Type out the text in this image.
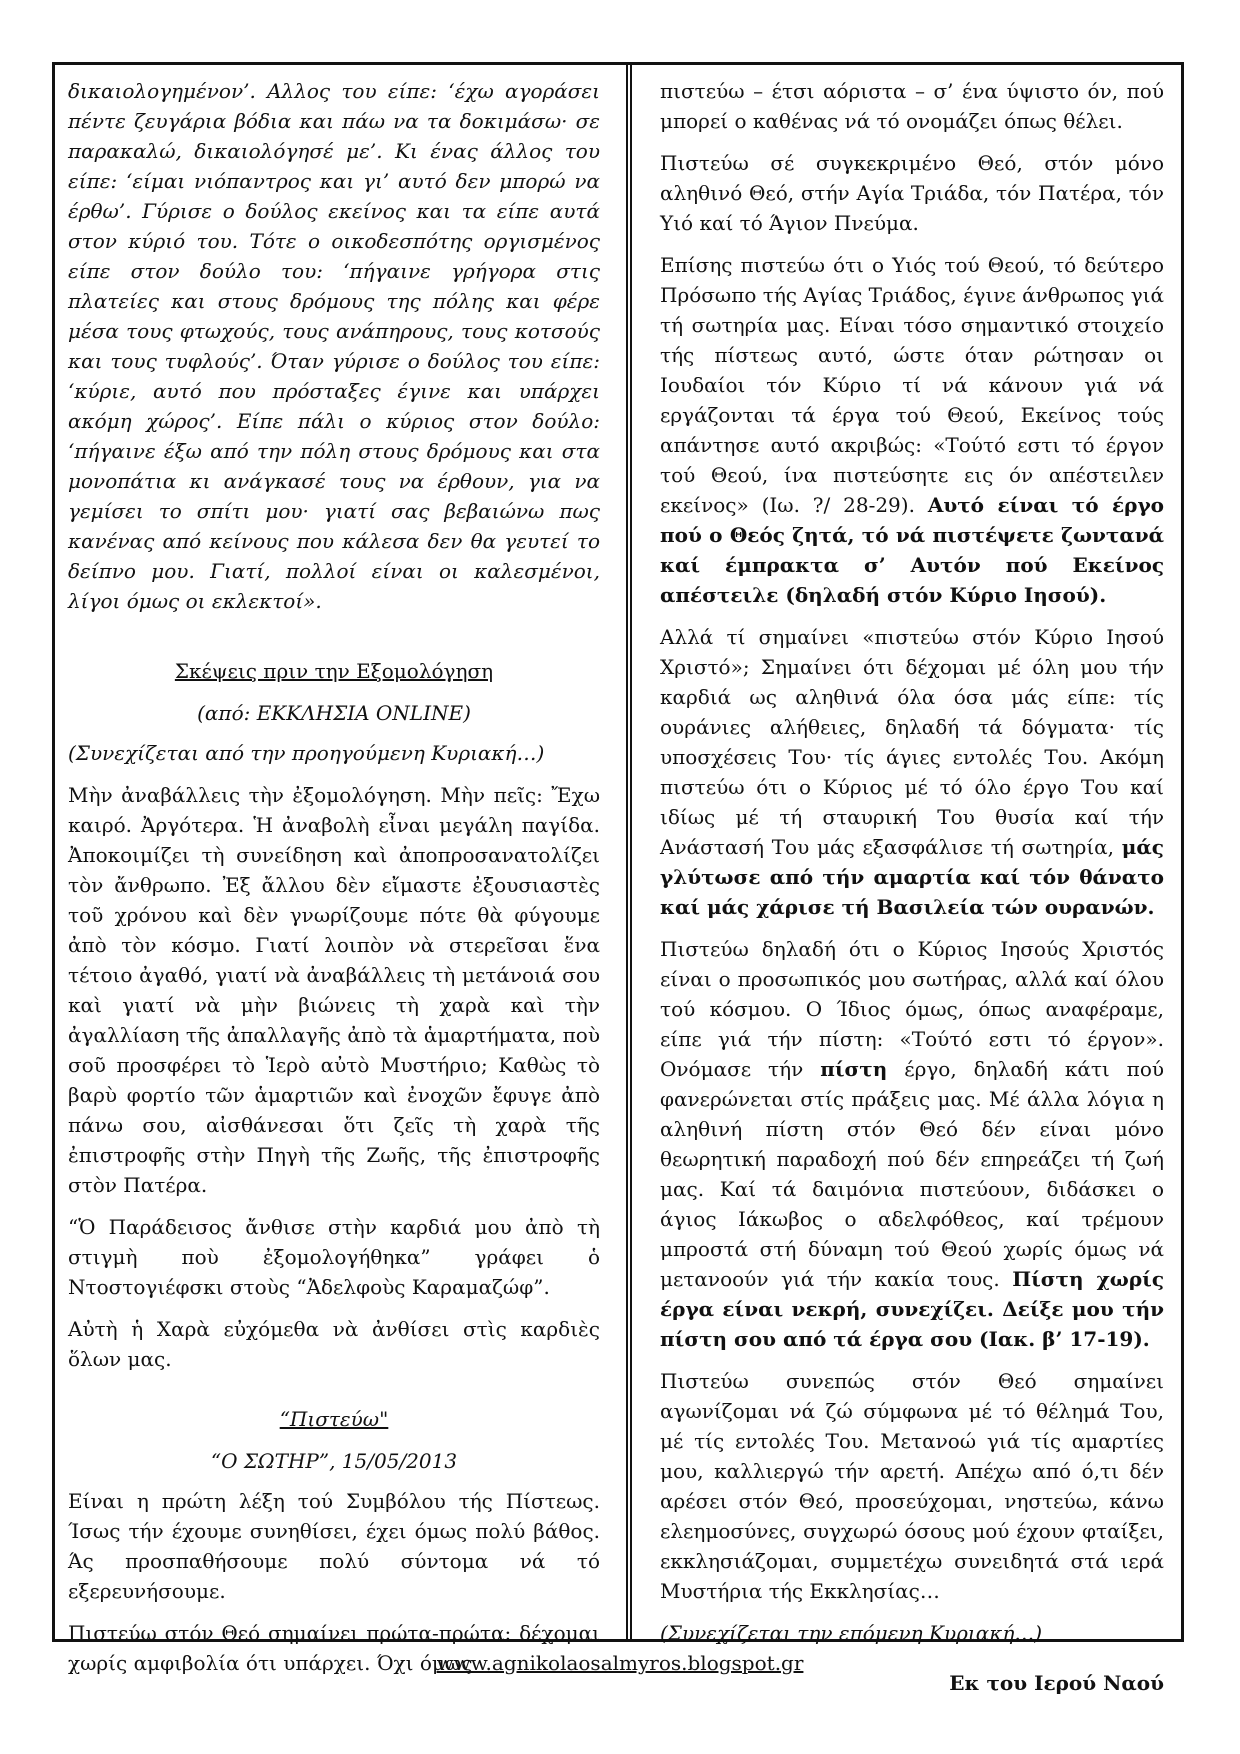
δικαιολογημένον’. Αλλος του είπε: ‘έχω αγοράσει πέντε ζευγάρια βόδια και πάω να τα δοκιμάσω· σε παρακαλώ, δικαιολόγησέ με’. Κι ένας άλλος του είπε: ‘είμαι νιόπαντρος και γι’ αυτό δεν μπορώ να έρθω’. Γύρισε ο δούλος εκείνος και τα είπε αυτά στον κύριό του. Τότε ο οικοδεσπότης οργισμένος είπε στον δούλο του: ‘πήγαινε γρήγορα στις πλατείες και στους δρόμους της πόλης και φέρε μέσα τους φτωχούς, τους ανάπηρους, τους κοτσούς και τους τυφλούς’. Όταν γύρισε ο δούλος του είπε: ‘κύριε, αυτό που πρόσταξες έγινε και υπάρχει ακόμη χώρος’. Είπε πάλι ο κύριος στον δούλο: ‘πήγαινε έξω από την πόλη στους δρόμους και στα μονοπάτια κι ανάγκασέ τους να έρθουν, για να γεμίσει το σπίτι μου· γιατί σας βεβαιώνω πως κανένας από κείνους που κάλεσα δεν θα γευτεί το δείπνο μου. Γιατί, πολλοί είναι οι καλεσμένοι, λίγοι όμως οι εκλεκτοί».

Σκέψεις πριν την Εξομολόγηση

(από: ΕΚΚΛΗΣΙΑ ONLINE)

(Συνεχίζεται από την προηγούμενη Κυριακή…)

Μὴν ἀναβάλλεις τὴν ἐξομολόγηση. Μὴν πεῖς: Ἔχω καιρό. Ἀργότερα. Ἡ ἀναβολὴ εἶναι μεγάλη παγίδα. Ἀποκοιμίζει τὴ συνείδηση καὶ ἀποπροσανατολίζει τὸν ἄνθρωπο. Ἐξ ἄλλου δὲν εἴμαστε ἐξουσιαστὲς τοῦ χρόνου καὶ δὲν γνωρίζουμε πότε θὰ φύγουμε ἀπὸ τὸν κόσμο. Γιατί λοιπὸν νὰ στερεῖσαι ἕνα τέτοιο ἀγαθό, γιατί νὰ ἀναβάλλεις τὴ μετάνοιά σου καὶ γιατί νὰ μὴν βιώνεις τὴ χαρὰ καὶ τὴν ἀγαλλίαση τῆς ἀπαλλαγῆς ἀπὸ τὰ ἁμαρτήματα, ποὺ σοῦ προσφέρει τὸ Ἱερὸ αὐτὸ Μυστήριο; Καθὼς τὸ βαρὺ φορτίο τῶν ἁμαρτιῶν καὶ ἐνοχῶν ἔφυγε ἀπὸ πάνω σου, αἰσθάνεσαι ὅτι ζεῖς τὴ χαρὰ τῆς ἐπιστροφῆς στὴν Πηγὴ τῆς Ζωῆς, τῆς ἐπιστροφῆς στὸν Πατέρα.

“Ὁ Παράδεισος ἄνθισε στὴν καρδιά μου ἀπὸ τὴ στιγμὴ ποὺ ἐξομολογήθηκα” γράφει ὁ Ντοστογιέφσκι στοὺς “Ἀδελφοὺς Καραμαζώφ”.

Αὐτὴ ἡ Χαρὰ εὐχόμεθα νὰ ἀνθίσει στὶς καρδιὲς ὅλων μας.

“Πιστεύω"

“Ο ΣΩΤΗΡ”, 15/05/2013

Είναι η πρώτη λέξη τού Συμβόλου τής Πίστεως. Ίσως τήν έχουμε συνηθίσει, έχει όμως πολύ βάθος. Άς προσπαθήσουμε πολύ σύντομα νά τό εξερευνήσουμε.

Πιστεύω στόν Θεό σημαίνει πρώτα-πρώτα: δέχομαι χωρίς αμφιβολία ότι υπάρχει. Όχι όμως

πιστεύω – έτσι αόριστα – σ’ ένα ύψιστο όν, πού μπορεί ο καθένας νά τό ονομάζει όπως θέλει.

Πιστεύω σέ συγκεκριμένο Θεό, στόν μόνο αληθινό Θεό, στήν Αγία Τριάδα, τόν Πατέρα, τόν Υιό καί τό Άγιον Πνεύμα.

Επίσης πιστεύω ότι ο Υιός τού Θεού, τό δεύτερο Πρόσωπο τής Αγίας Τριάδος, έγινε άνθρωπος γιά τή σωτηρία μας. Είναι τόσο σημαντικό στοιχείο τής πίστεως αυτό, ώστε όταν ρώτησαν οι Ιουδαίοι τόν Κύριο τί νά κάνουν γιά νά εργάζονται τά έργα τού Θεού, Εκείνος τούς απάντησε αυτό ακριβώς: «Τούτό εστι τό έργον τού Θεού, ίνα πιστεύσητε εις όν απέστειλεν εκείνος» (Ιω. ?/ 28-29). Αυτό είναι τό έργο πού ο Θεός ζητά, τό νά πιστέψετε ζωντανά καί έμπρακτα σ’ Αυτόν πού Εκείνος απέστειλε (δηλαδή στόν Κύριο Ιησού).

Αλλά τί σημαίνει «πιστεύω στόν Κύριο Ιησού Χριστό»; Σημαίνει ότι δέχομαι μέ όλη μου τήν καρδιά ως αληθινά όλα όσα μάς είπε: τίς ουράνιες αλήθειες, δηλαδή τά δόγματα· τίς υποσχέσεις Του· τίς άγιες εντολές Του. Ακόμη πιστεύω ότι ο Κύριος μέ τό όλο έργο Του καί ιδίως μέ τή σταυρική Του θυσία καί τήν Ανάστασή Του μάς εξασφάλισε τή σωτηρία, μάς γλύτωσε από τήν αμαρτία καί τόν θάνατο καί μάς χάρισε τή Βασιλεία τών ουρανών.

Πιστεύω δηλαδή ότι ο Κύριος Ιησούς Χριστός είναι ο προσωπικός μου σωτήρας, αλλά καί όλου τού κόσμου. Ο Ίδιος όμως, όπως αναφέραμε, είπε γιά τήν πίστη: «Τούτό εστι τό έργον». Ονόμασε τήν πίστη έργο, δηλαδή κάτι πού φανερώνεται στίς πράξεις μας. Μέ άλλα λόγια η αληθινή πίστη στόν Θεό δέν είναι μόνο θεωρητική παραδοχή πού δέν επηρεάζει τή ζωή μας. Καί τά δαιμόνια πιστεύουν, διδάσκει ο άγιος Ιάκωβος ο αδελφόθεος, καί τρέμουν μπροστά στή δύναμη τού Θεού χωρίς όμως νά μετανοούν γιά τήν κακία τους. Πίστη χωρίς έργα είναι νεκρή, συνεχίζει. Δείξε μου τήν πίστη σου από τά έργα σου (Ιακ. β’ 17-19).

Πιστεύω συνεπώς στόν Θεό σημαίνει αγωνίζομαι νά ζώ σύμφωνα μέ τό θέλημά Του, μέ τίς εντολές Του. Μετανοώ γιά τίς αμαρτίες μου, καλλιεργώ τήν αρετή. Απέχω από ό,τι δέν αρέσει στόν Θεό, προσεύχομαι, νηστεύω, κάνω ελεημοσύνες, συγχωρώ όσους μού έχουν φταίξει, εκκλησιάζομαι, συμμετέχω συνειδητά στά ιερά Μυστήρια τής Εκκλησίας…

(Συνεχίζεται την επόμενη Κυριακή…)

Εκ του Ιερού Ναού

www.agnikolaosalmyros.blogspot.gr
